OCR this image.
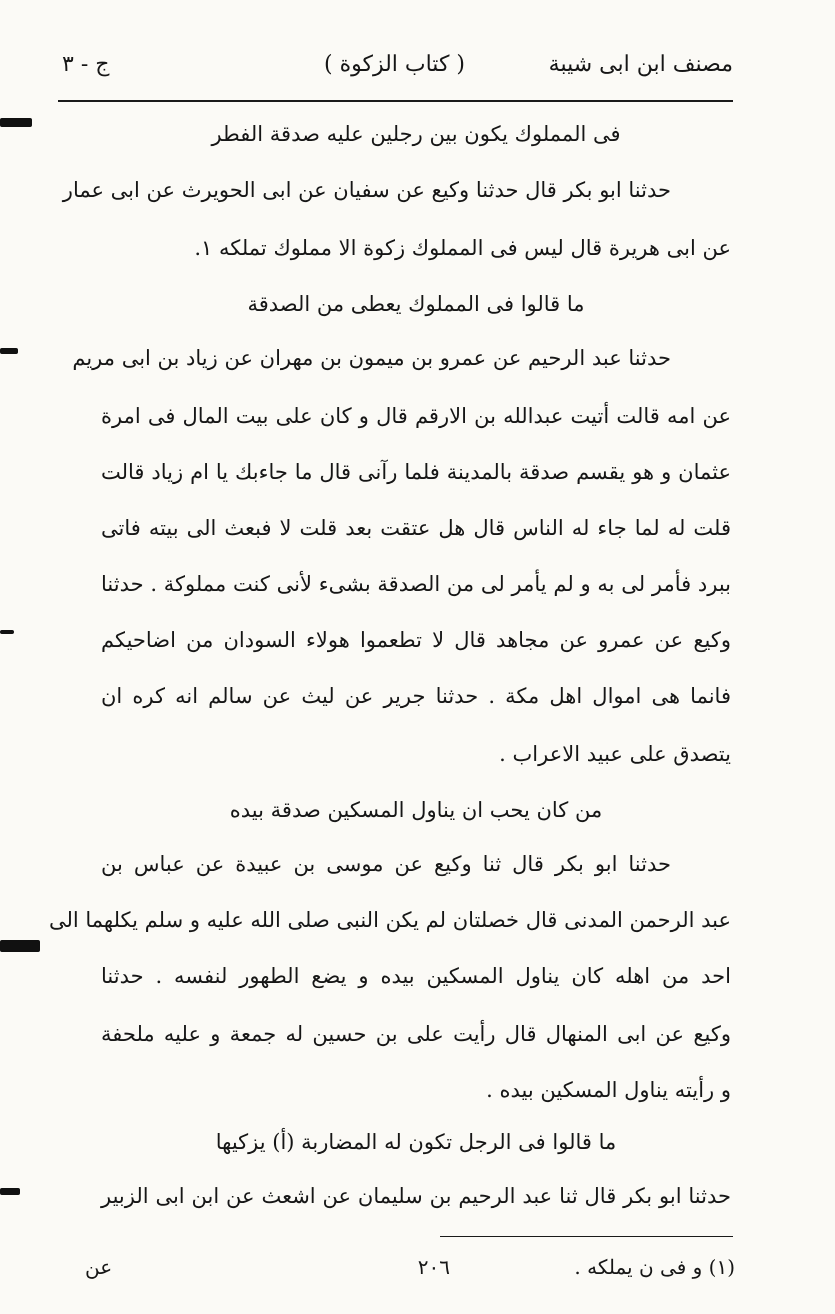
مصنف ابن ابى شيبة
( كتاب الزكوة )
ج - ٣
فى المملوك يكون بين رجلين عليه صدقة الفطر
حدثنا ابو بكر قال حدثنا وكيع عن سفيان عن ابى الحويرث عن ابى عمار
عن ابى هريرة قال ليس فى المملوك زكوة الا مملوك تملكه ١.
ما قالوا فى المملوك يعطى من الصدقة
حدثنا عبد الرحيم عن عمرو بن ميمون بن مهران عن زياد بن ابى مريم
عن امه قالت أتيت عبدالله بن الارقم قال و كان على بيت المال فى امرة
عثمان و هو يقسم صدقة بالمدينة فلما رآنى قال ما جاءبك يا ام زياد قالت
قلت له لما جاء له الناس قال هل عتقت بعد قلت لا فبعث الى بيته فاتى
ببرد فأمر لى به و لم يأمر لى من الصدقة بشىء لأنى كنت مملوكة . حدثنا
وكيع عن عمرو عن مجاهد قال لا تطعموا هولاء السودان من اضاحيكم
فانما هى اموال اهل مكة . حدثنا جرير عن ليث عن سالم انه كره ان
يتصدق على عبيد الاعراب .
من كان يحب ان يناول المسكين صدقة بيده
حدثنا ابو بكر قال ثنا وكيع عن موسى بن عبيدة عن عباس بن
عبد الرحمن المدنى قال خصلتان لم يكن النبى صلى الله عليه و سلم يكلهما الى
احد من اهله كان يناول المسكين بيده و يضع الطهور لنفسه . حدثنا
وكيع عن ابى المنهال قال رأيت على بن حسين له جمعة و عليه ملحفة
و رأيته يناول المسكين بيده .
ما قالوا فى الرجل تكون له المضاربة (أ) يزكيها
حدثنا ابو بكر قال ثنا عبد الرحيم بن سليمان عن اشعث عن ابن ابى الزبير
(١) و فى ن يملكه .
٢٠٦
عن
